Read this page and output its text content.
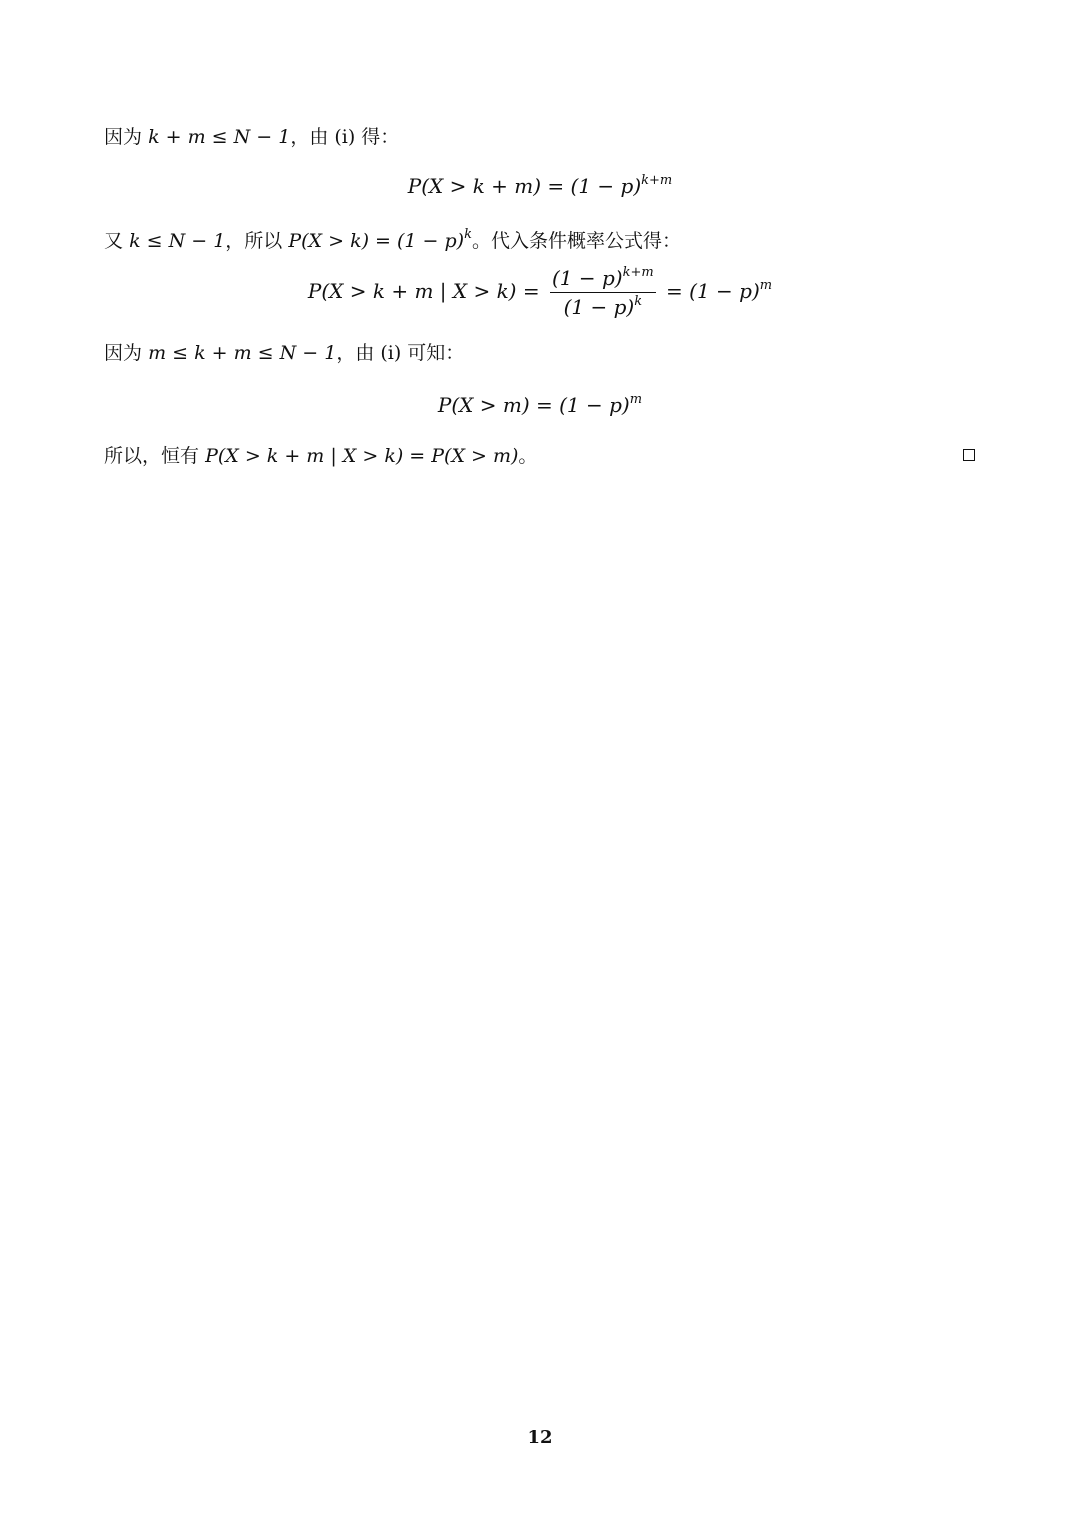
因为 k + m ≤ N − 1，由 (i) 得：
$P(X > k + m) = (1 - p)^{k+m}$
又 k ≤ N − 1，所以 $P(X > k) = (1 - p)^k$。代入条件概率公式得：
P(X > k + m | $X > k) = \frac{(1 - p)^{k+m}}{(1 - p)^k} = (1 - p)^m$
因为 m ≤ k + m ≤ N − 1，由 (i) 可知：
$P(X > m) = (1 - p)^m$
所以，恒有 P(X > k + m | X > k) = P(X > m)。
12
